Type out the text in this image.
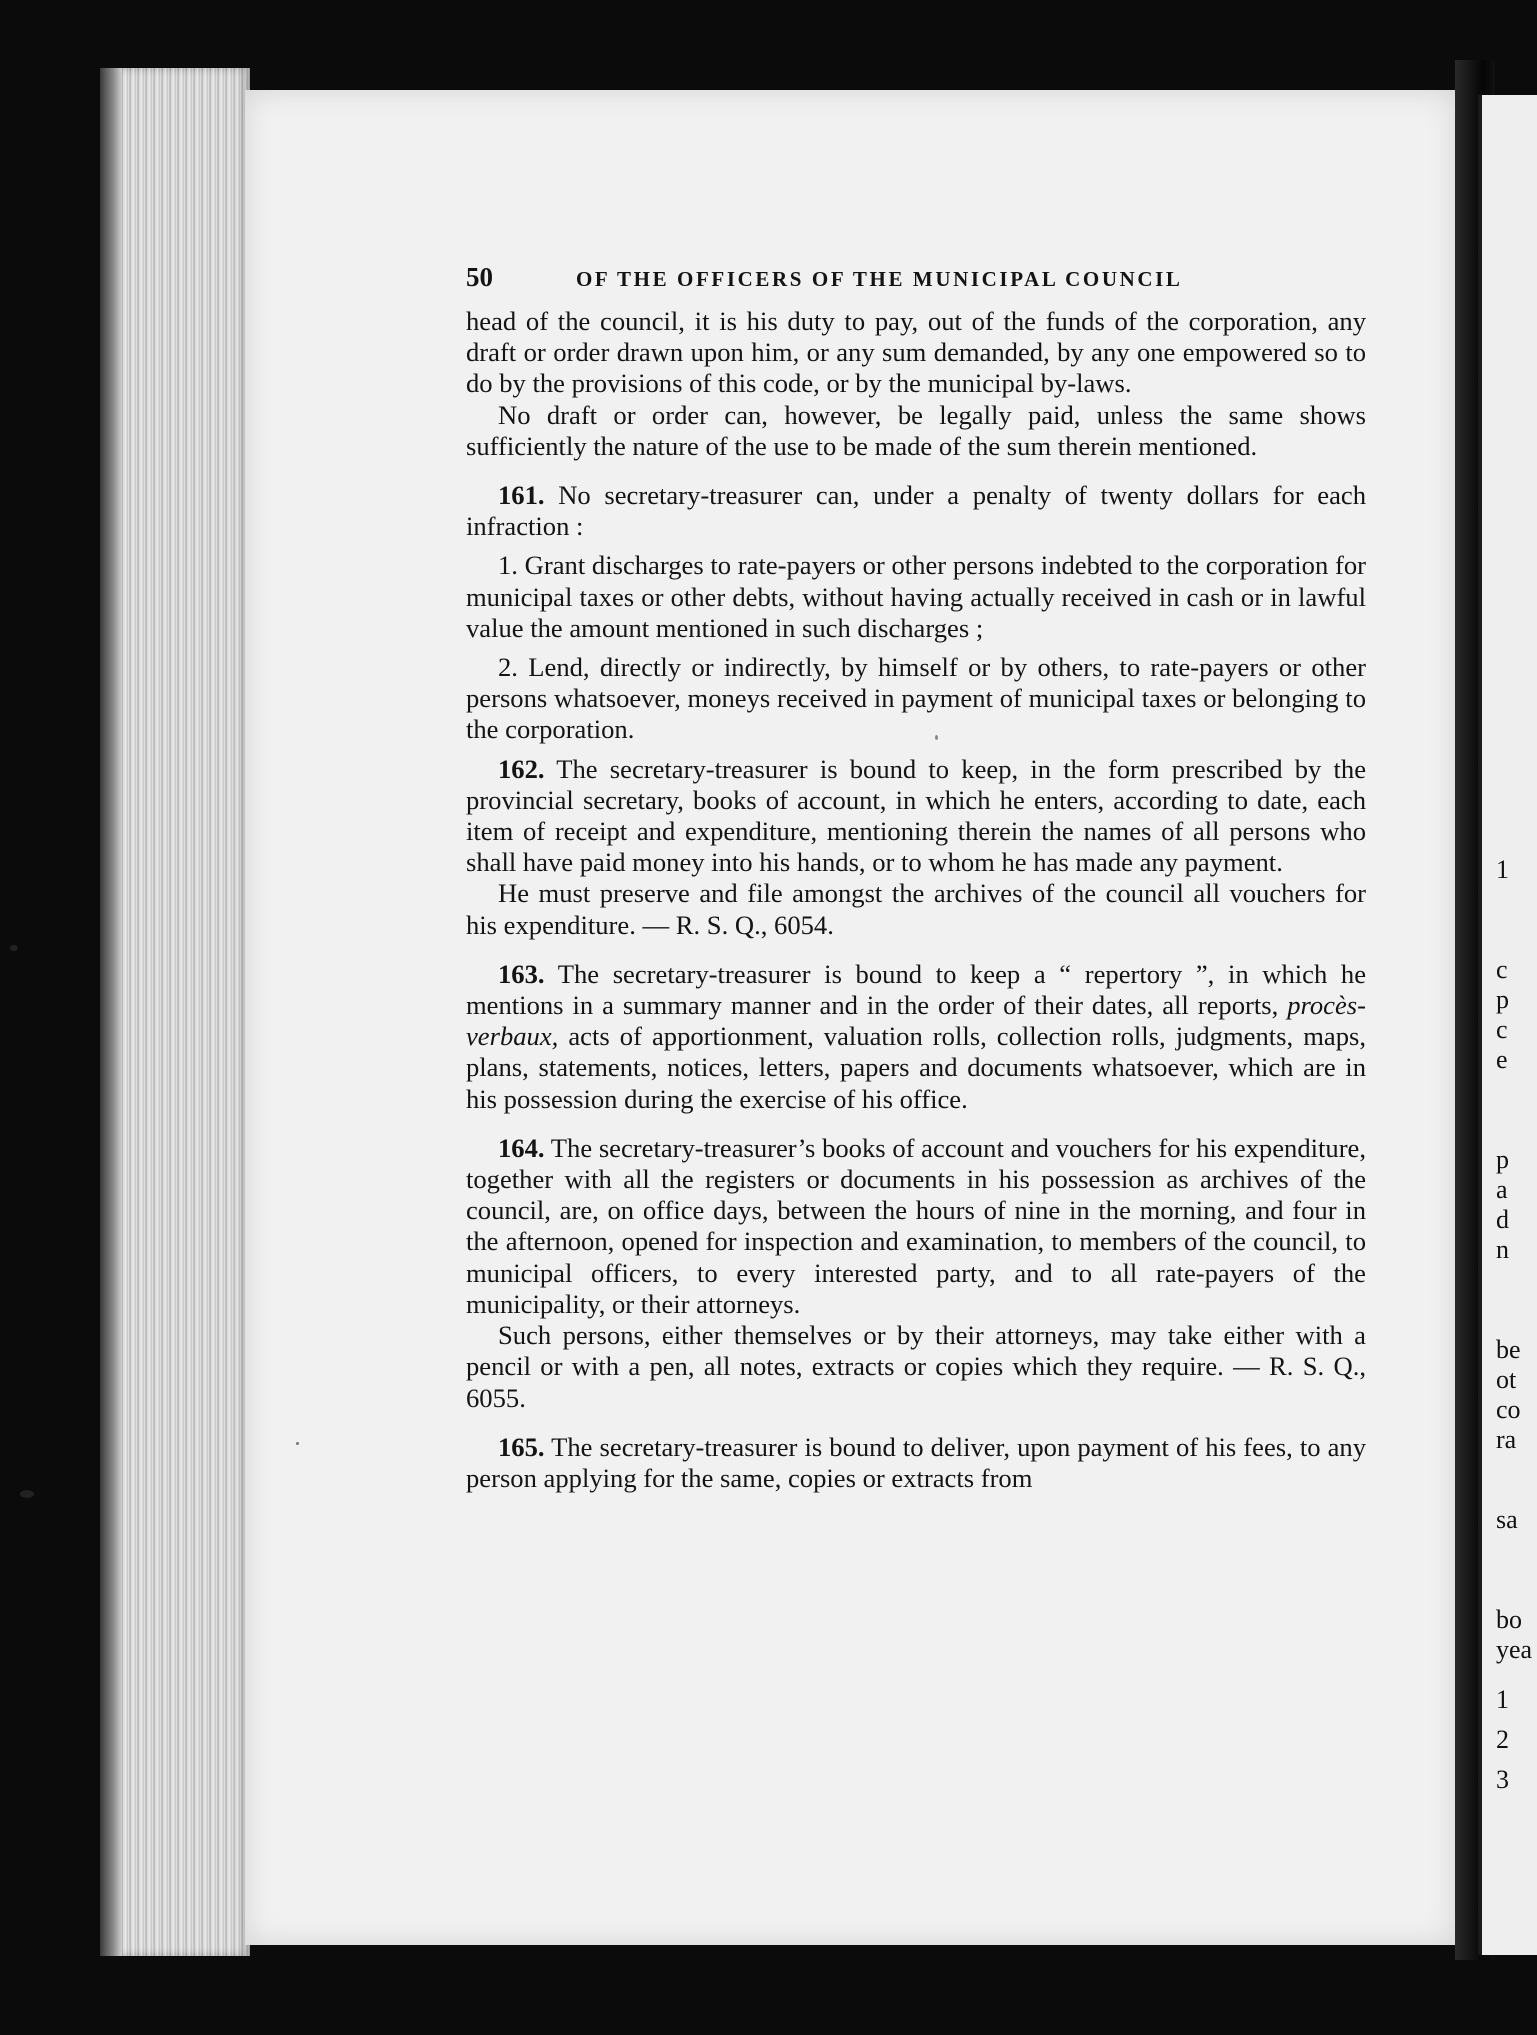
50	OF THE OFFICERS OF THE MUNICIPAL COUNCIL

head of the council, it is his duty to pay, out of the funds of the corporation, any draft or order drawn upon him, or any sum demanded, by any one empowered so to do by the provisions of this code, or by the municipal by-laws.

No draft or order can, however, be legally paid, unless the same shows sufficiently the nature of the use to be made of the sum therein mentioned.

161. No secretary-treasurer can, under a penalty of twenty dollars for each infraction :

1. Grant discharges to rate-payers or other persons indebted to the corporation for municipal taxes or other debts, without having actually received in cash or in lawful value the amount mentioned in such discharges ;

2. Lend, directly or indirectly, by himself or by others, to rate-payers or other persons whatsoever, moneys received in payment of municipal taxes or belonging to the corporation.

162. The secretary-treasurer is bound to keep, in the form prescribed by the provincial secretary, books of account, in which he enters, according to date, each item of receipt and expenditure, mentioning therein the names of all persons who shall have paid money into his hands, or to whom he has made any payment.

He must preserve and file amongst the archives of the council all vouchers for his expenditure. — R. S. Q., 6054.

163. The secretary-treasurer is bound to keep a “ repertory ”, in which he mentions in a summary manner and in the order of their dates, all reports, procès-verbaux, acts of apportionment, valuation rolls, collection rolls, judgments, maps, plans, statements, notices, letters, papers and documents whatsoever, which are in his possession during the exercise of his office.

164. The secretary-treasurer’s books of account and vouchers for his expenditure, together with all the registers or documents in his possession as archives of the council, are, on office days, between the hours of nine in the morning, and four in the afternoon, opened for inspection and examination, to members of the council, to municipal officers, to every interested party, and to all rate-payers of the municipality, or their attorneys.

Such persons, either themselves or by their attorneys, may take either with a pencil or with a pen, all notes, extracts or copies which they require. — R. S. Q., 6055.

165. The secretary-treasurer is bound to deliver, upon payment of his fees, to any person applying for the same, copies or extracts from

1
c
p
c
e
p
a
d
n
be
ot
co
ra
sa
bo
yea
1
2
3
